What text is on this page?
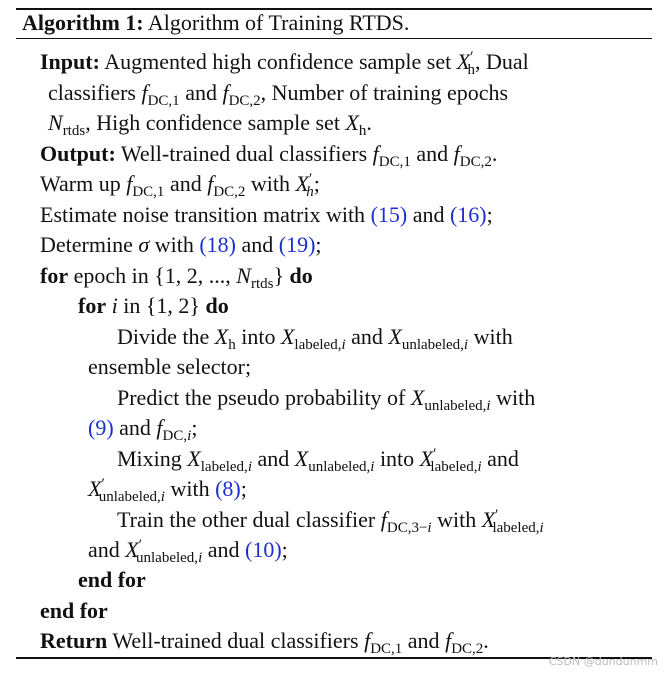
Algorithm 1: Algorithm of Training RTDS.
Input: Augmented high confidence sample set $X'_h$, Dual
classifiers $f_{DC,1}$ and $f_{DC,2}$, Number of training epochs
$N_{rtds}$, High confidence sample set $X_h$.
Output: Well-trained dual classifiers $f_{DC,1}$ and $f_{DC,2}$.
Warm up $f_{DC,1}$ and $f_{DC,2}$ with $X'_h$;
Estimate noise transition matrix with (15) and (16);
Determine σ with (18) and (19);
for epoch in {1, 2, ..., $N_{rtds}$} do
for i in {1, 2} do
Divide the $X_h$ into $X_{labeled,i}$ and $X_{unlabeled,i}$ with
ensemble selector;
Predict the pseudo probability of $X_{unlabeled,i}$ with
(9) and $f_{DC,i}$;
Mixing $X_{labeled,i}$ and $X_{unlabeled,i}$ into $X'_{labeled,i}$ and
$X'_{unlabeled,i}$ with (8);
Train the other dual classifier $f_{DC,3-i}$ with $X'_{labeled,i}$
and $X'_{unlabeled,i}$ and (10);
end for
end for
Return Well-trained dual classifiers $f_{DC,1}$ and $f_{DC,2}$.
CSDN @dundunmm
